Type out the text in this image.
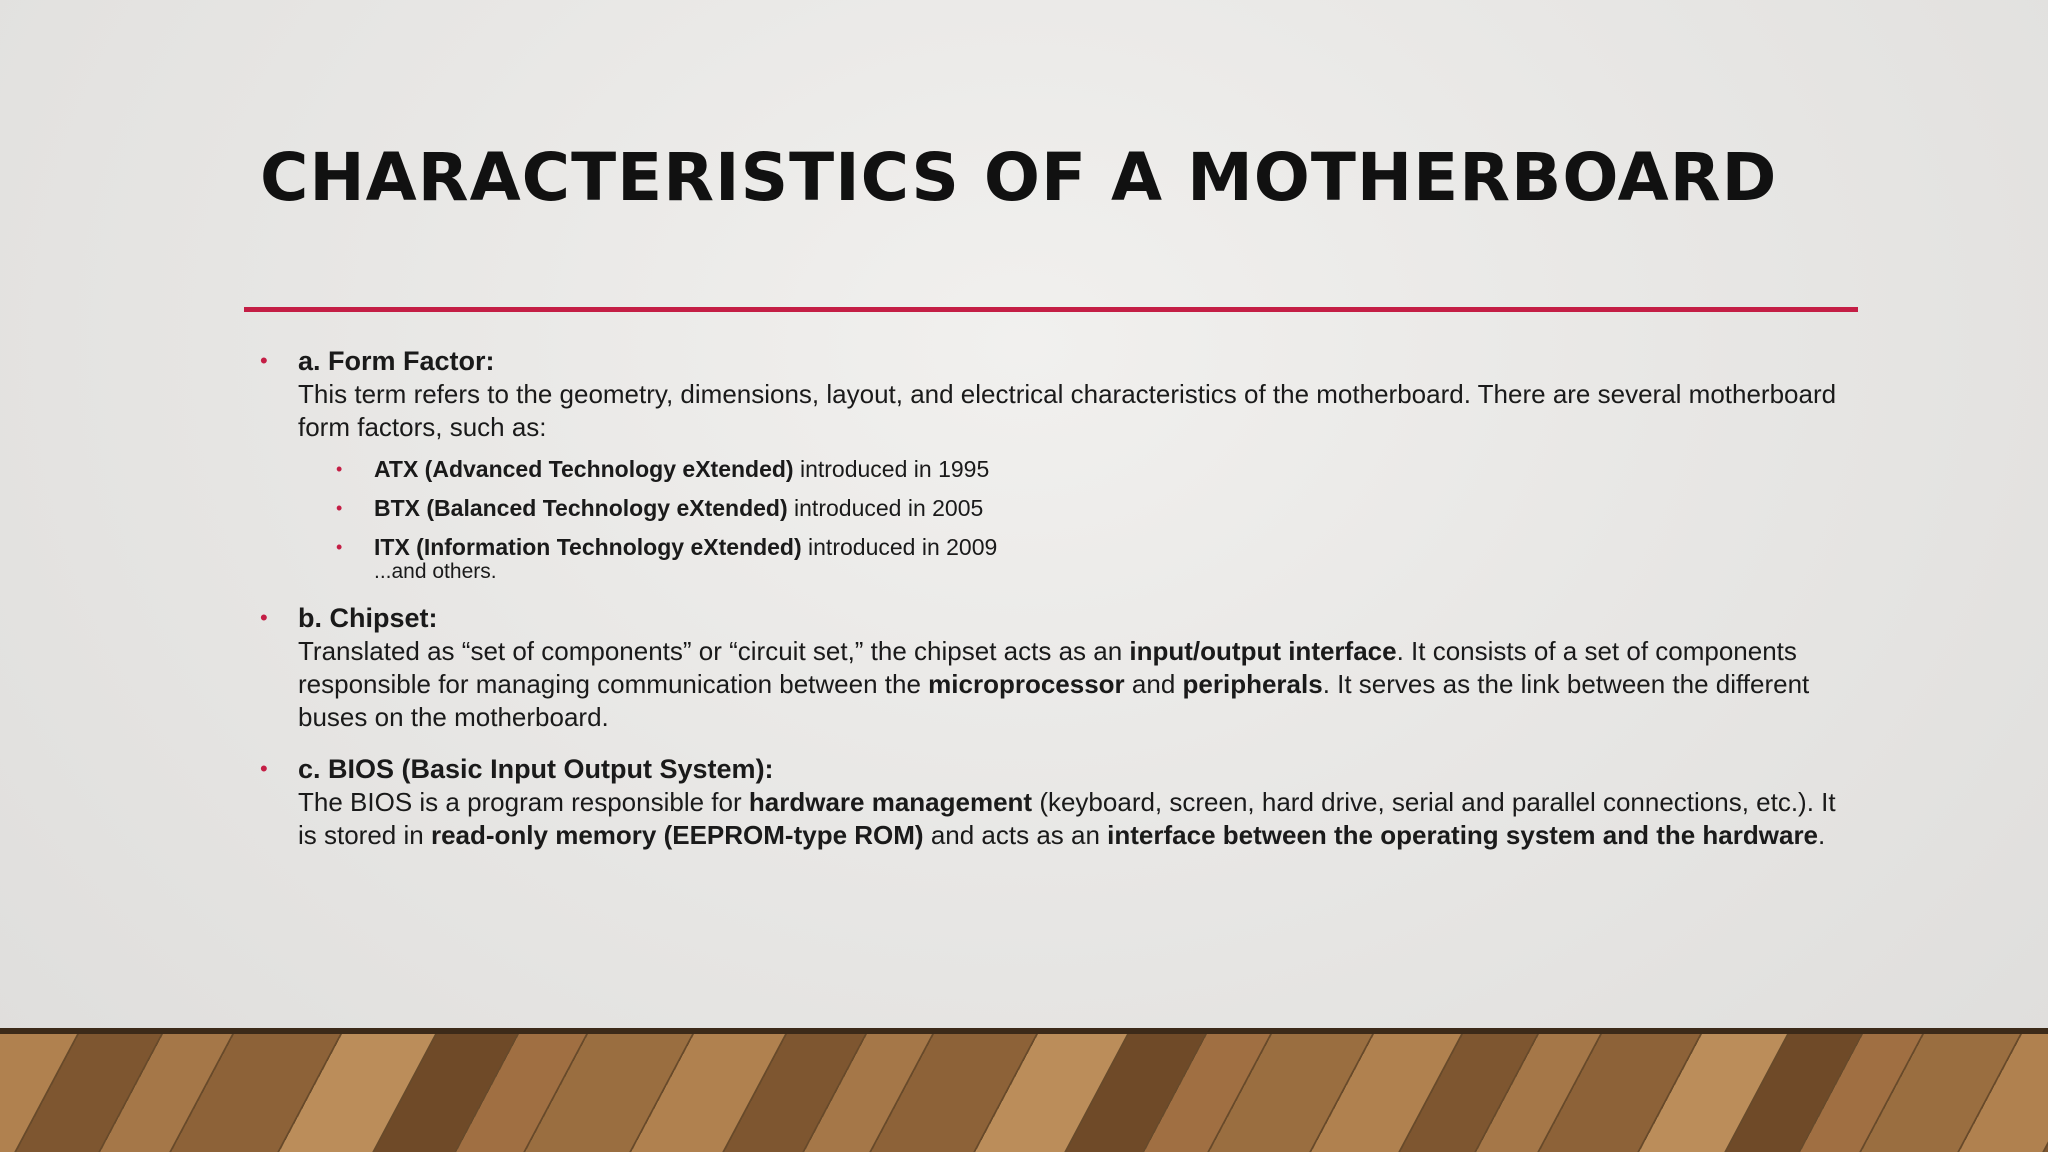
CHARACTERISTICS OF A MOTHERBOARD
• a. Form Factor:
This term refers to the geometry, dimensions, layout, and electrical characteristics of the motherboard. There are several motherboard form factors, such as:
• ATX (Advanced Technology eXtended) introduced in 1995
• BTX (Balanced Technology eXtended) introduced in 2005
• ITX (Information Technology eXtended) introduced in 2009
...and others.
• b. Chipset:
Translated as “set of components” or “circuit set,” the chipset acts as an input/output interface. It consists of a set of components responsible for managing communication between the microprocessor and peripherals. It serves as the link between the different buses on the motherboard.
• c. BIOS (Basic Input Output System):
The BIOS is a program responsible for hardware management (keyboard, screen, hard drive, serial and parallel connections, etc.). It is stored in read-only memory (EEPROM-type ROM) and acts as an interface between the operating system and the hardware.
